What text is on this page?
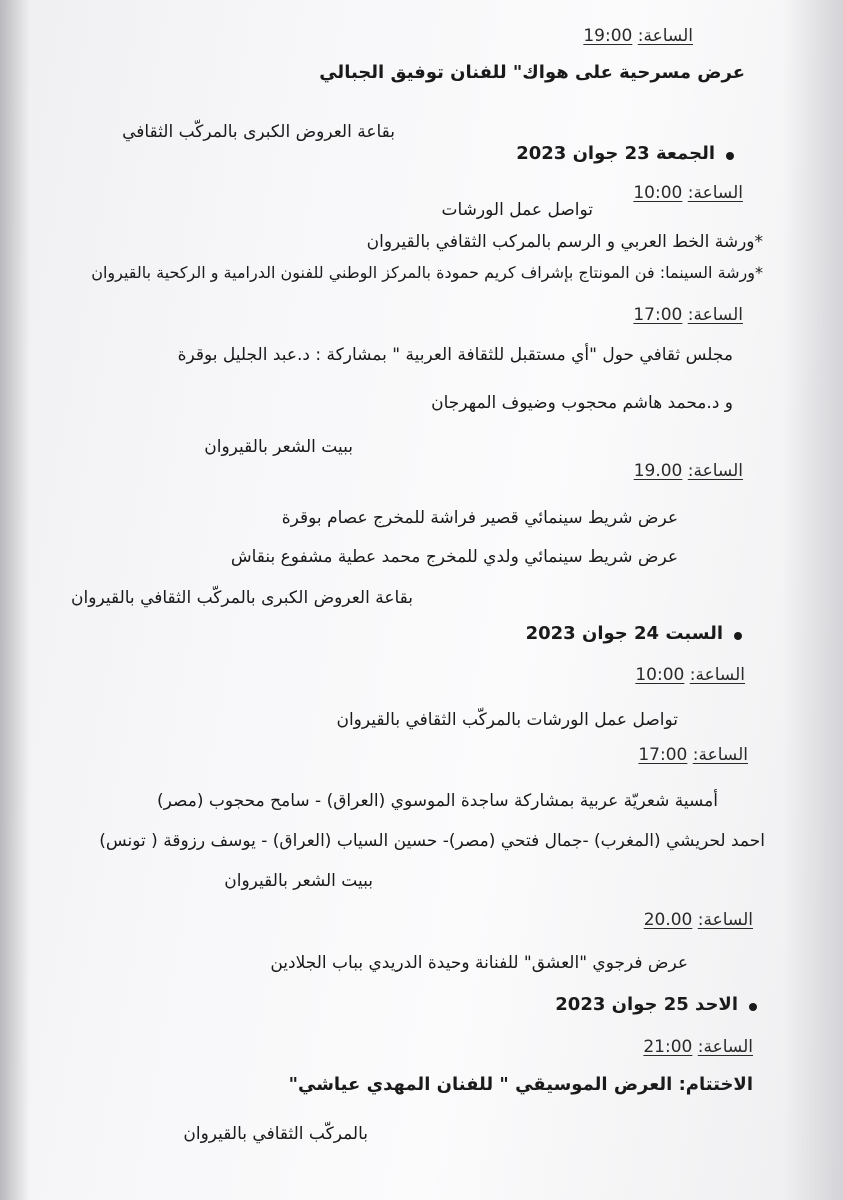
الساعة: 19:00
عرض مسرحية على هواك" للفنان توفيق الجبالي
بقاعة العروض الكبرى بالمركّب الثقافي
الجمعة 23 جوان 2023
الساعة: 10:00
تواصل عمل الورشات
*ورشة الخط العربي و الرسم بالمركب الثقافي بالقيروان
*ورشة السينما: فن المونتاج بإشراف كريم حمودة بالمركز الوطني للفنون الدرامية و الركحية بالقيروان
الساعة: 17:00
مجلس ثقافي حول "أي مستقبل للثقافة العربية " بمشاركة : د.عبد الجليل بوقرة
و د.محمد هاشم محجوب وضيوف المهرجان
ببيت الشعر بالقيروان
الساعة: 19.00
عرض شريط سينمائي قصير فراشة للمخرج عصام بوقرة
عرض شريط سينمائي ولدي للمخرج محمد عطية مشفوع بنقاش
بقاعة العروض الكبرى بالمركّب الثقافي بالقيروان
السبت 24 جوان 2023
الساعة: 10:00
تواصل عمل الورشات بالمركّب الثقافي بالقيروان
الساعة: 17:00
أمسية شعريّة عربية بمشاركة ساجدة الموسوي (العراق) - سامح محجوب (مصر)
احمد لحريشي (المغرب) -جمال فتحي (مصر)- حسين السياب (العراق) - يوسف رزوقة ( تونس)
ببيت الشعر بالقيروان
الساعة: 20.00
عرض فرجوي "العشق" للفنانة وحيدة الدريدي بباب الجلادين
الاحد 25 جوان 2023
الساعة: 21:00
الاختتام: العرض الموسيقي " للفنان المهدي عياشي"
بالمركّب الثقافي بالقيروان
